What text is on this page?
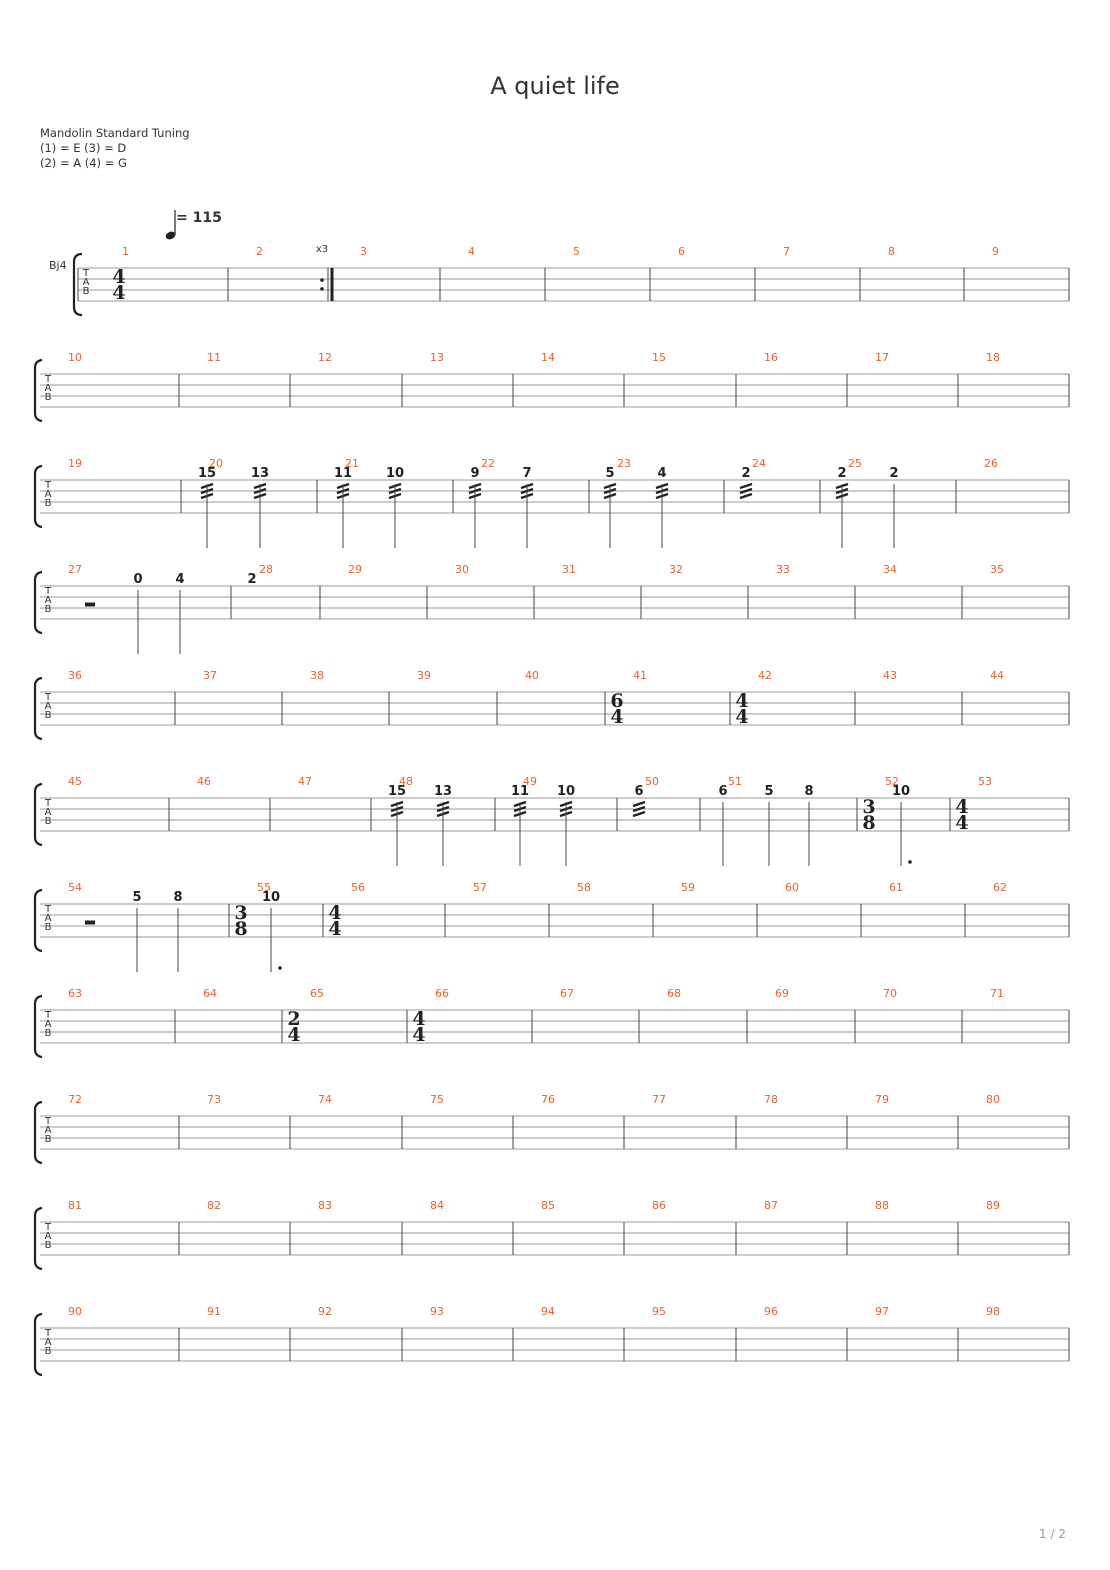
A quiet life
Mandolin Standard Tuning
(1) = E (3) = D
(2) = A (4) = G
= 115
Bj4
T
A
B
1
4
4
x3
2	3	4	5	6	7	8	9
T
A
B
10	11	12	13	14	15	16	17	18
T
A
B
19	20
15	13
21
11	10
22
9	7
23
5	4
24
2
25
2	2
26
T
A
B
27
0	4
28
2
29	30	31	32	33	34	35
T
A
B
36	37	38	39	40	41
6
4
42
4
4
43	44
T
A
B
45	46	47	48
15 13
49
11 10
50
6
51
6	5 8
52
3
8
10
53
4
4
T
A
B
54
5 8
55
3
8
10
56
4
4
57	58	59	60	61	62
T
A
B
63	64	65
2
4
66
4
4
67	68	69	70	71
T
A
B
72	73	74	75	76	77	78	79	80
T
A
B
81	82	83	84	85	86	87	88	89
T
A
B
90	91	92	93	94	95	96	97	98
1 / 2
